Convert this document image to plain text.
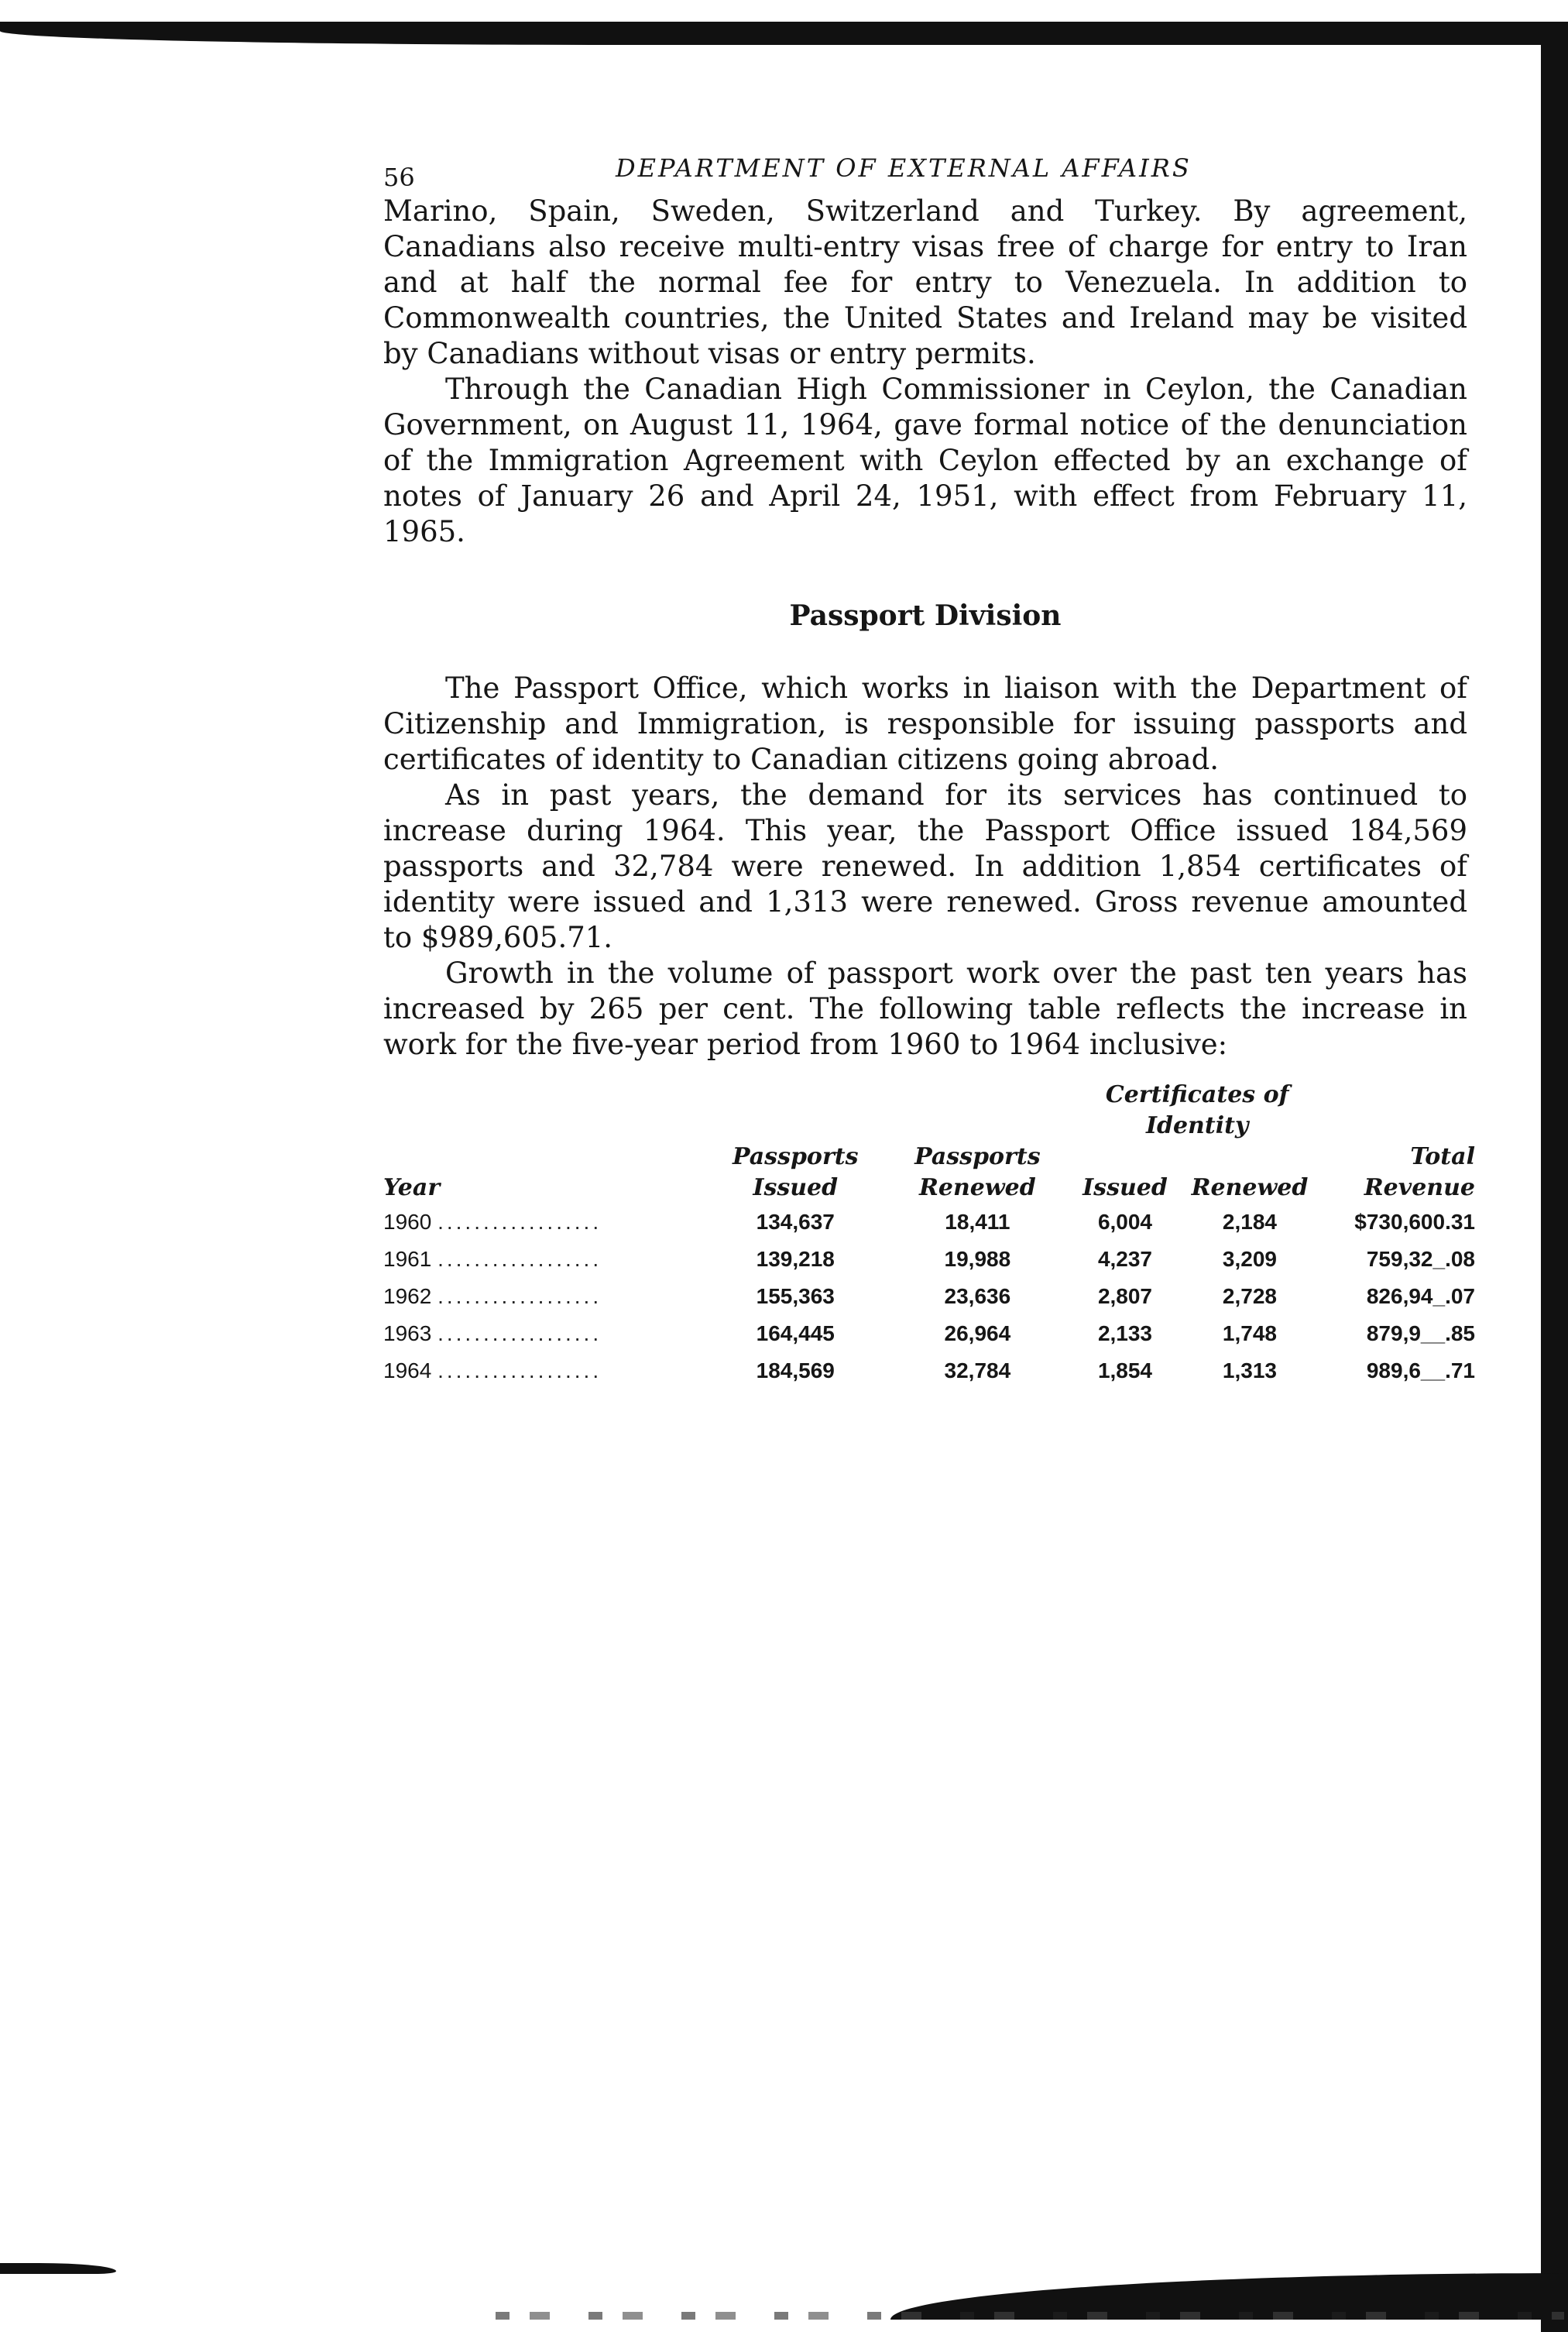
56	DEPARTMENT OF EXTERNAL AFFAIRS

Marino, Spain, Sweden, Switzerland and Turkey. By agreement, Canadians also receive multi-entry visas free of charge for entry to Iran and at half the normal fee for entry to Venezuela. In addition to Commonwealth countries, the United States and Ireland may be visited by Canadians without visas or entry permits.

Through the Canadian High Commissioner in Ceylon, the Canadian Government, on August 11, 1964, gave formal notice of the denunciation of the Immigration Agreement with Ceylon effected by an exchange of notes of January 26 and April 24, 1951, with effect from February 11, 1965.

Passport Division

The Passport Office, which works in liaison with the Department of Citizenship and Immigration, is responsible for issuing passports and certificates of identity to Canadian citizens going abroad.

As in past years, the demand for its services has continued to increase during 1964. This year, the Passport Office issued 184,569 passports and 32,784 were renewed. In addition 1,854 certificates of identity were issued and 1,313 were renewed. Gross revenue amounted to $989,605.71.

Growth in the volume of passport work over the past ten years has increased by 265 per cent. The following table reflects the increase in work for the five-year period from 1960 to 1964 inclusive:

			Certificates of Identity		
Year	Passports Issued	Passports Renewed	Issued	Renewed	Total Revenue
1960 ..................	134,637	18,411	6,004	2,184	$730,600.31
1961 ..................	139,218	19,988	4,237	3,209	759,32_.08
1962 ..................	155,363	23,636	2,807	2,728	826,94_.07
1963 ..................	164,445	26,964	2,133	1,748	879,9__.85
1964 ..................	184,569	32,784	1,854	1,313	989,6__.71
